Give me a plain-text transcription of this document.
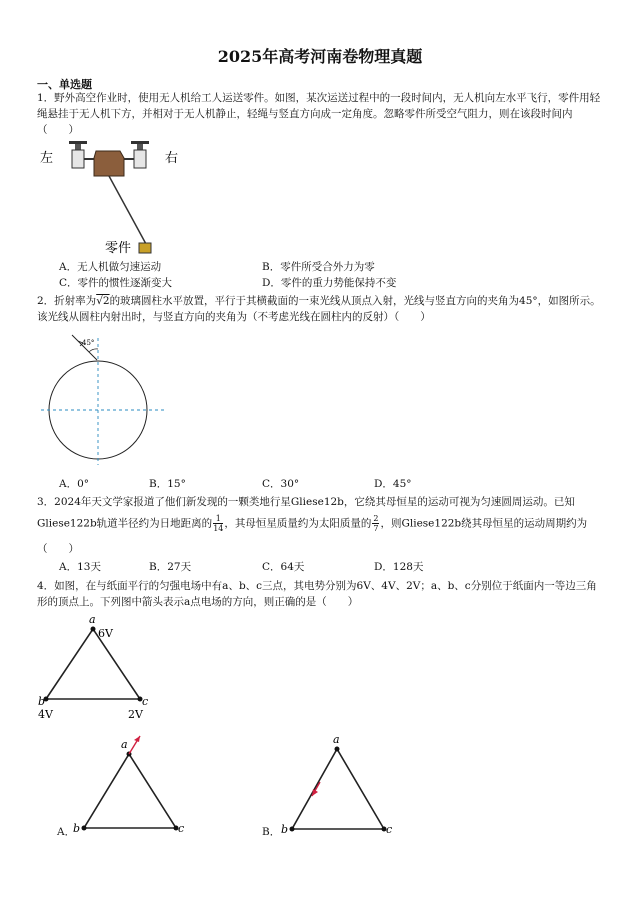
2025年高考河南卷物理真题
一、单选题
1．野外高空作业时，使用无人机给工人运送零件。如图，某次运送过程中的一段时间内，无人机向左水平飞行，零件用轻绳悬挂于无人机下方，并相对于无人机静止，轻绳与竖直方向成一定角度。忽略零件所受空气阻力，则在该段时间内（　　）
左	右
零件
A．无人机做匀速运动	B．零件所受合外力为零
C．零件的惯性逐渐变大	D．零件的重力势能保持不变
2．折射率为√2的玻璃圆柱水平放置，平行于其横截面的一束光线从顶点入射，光线与竖直方向的夹角为45°，如图所示。该光线从圆柱内射出时，与竖直方向的夹角为（不考虑光线在圆柱内的反射）（　　）
45°
A．0°	B．15°	C．30°	D．45°
3．2024年天文学家报道了他们新发现的一颗类地行星Gliese12b，它绕其母恒星的运动可视为匀速圆周运动。已知
Gliese122b轨道半径约为日地距离的 $\frac{1}{14}$ ，其母恒星质量约为太阳质量的 $\frac{2}{7}$ ，则Gliese122b绕其母恒星的运动周期约为
（　　）
A．13天	B．27天	C．64天	D．128天
4．如图，在与纸面平行的匀强电场中有a、b、c三点，其电势分别为6V、4V、2V；a、b、c分别位于纸面内一等边三角形的顶点上。下列图中箭头表示a点电场的方向，则正确的是（　　）
a
6V
b
4V
c
2V
A．
a
b	c	B．
a
b	c
